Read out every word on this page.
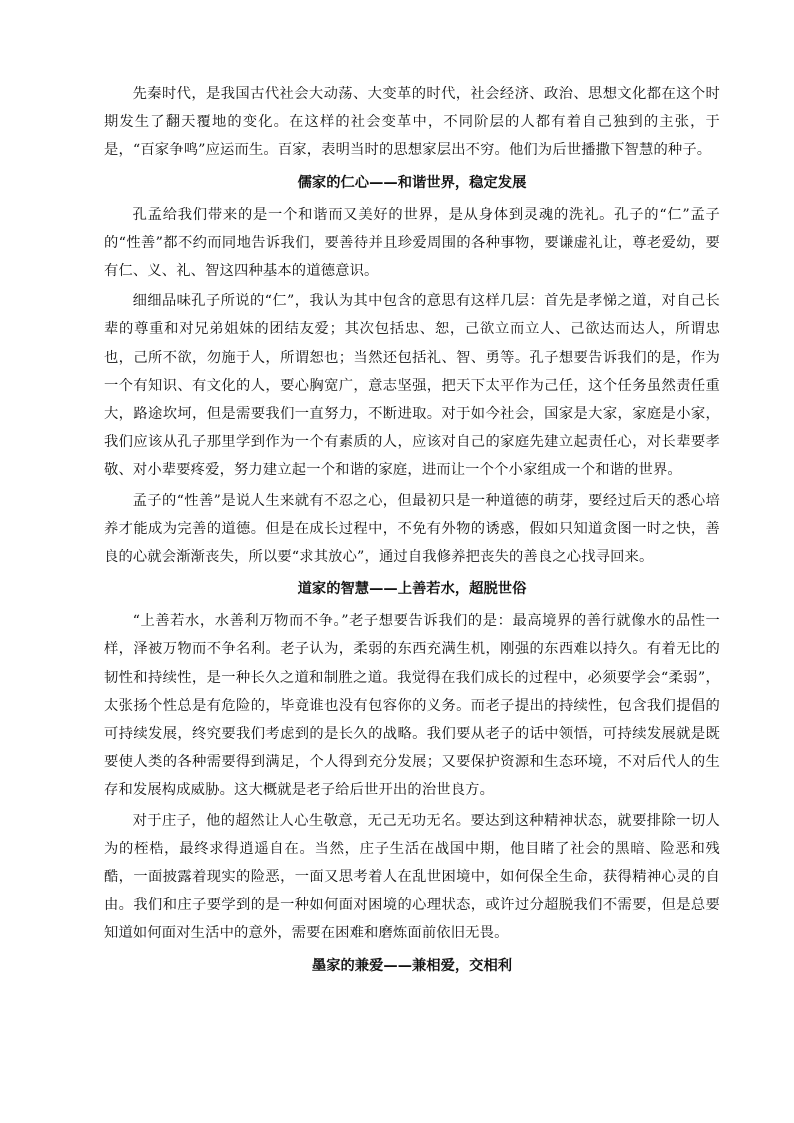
先秦时代，是我国古代社会大动荡、大变革的时代，社会经济、政治、思想文化都在这个时期发生了翻天覆地的变化。在这样的社会变革中，不同阶层的人都有着自己独到的主张，于是，“百家争鸣”应运而生。百家，表明当时的思想家层出不穷。他们为后世播撒下智慧的种子。

儒家的仁心——和谐世界，稳定发展

孔孟给我们带来的是一个和谐而又美好的世界，是从身体到灵魂的洗礼。孔子的“仁”孟子的“性善”都不约而同地告诉我们，要善待并且珍爱周围的各种事物，要谦虚礼让，尊老爱幼，要有仁、义、礼、智这四种基本的道德意识。

细细品味孔子所说的“仁”，我认为其中包含的意思有这样几层：首先是孝悌之道，对自己长辈的尊重和对兄弟姐妹的团结友爱；其次包括忠、恕，己欲立而立人、己欲达而达人，所谓忠也，己所不欲，勿施于人，所谓恕也；当然还包括礼、智、勇等。孔子想要告诉我们的是，作为一个有知识、有文化的人，要心胸宽广，意志坚强，把天下太平作为己任，这个任务虽然责任重大，路途坎坷，但是需要我们一直努力，不断进取。对于如今社会，国家是大家，家庭是小家，我们应该从孔子那里学到作为一个有素质的人，应该对自己的家庭先建立起责任心，对长辈要孝敬、对小辈要疼爱，努力建立起一个和谐的家庭，进而让一个个小家组成一个和谐的世界。

孟子的“性善”是说人生来就有不忍之心，但最初只是一种道德的萌芽，要经过后天的悉心培养才能成为完善的道德。但是在成长过程中，不免有外物的诱惑，假如只知道贪图一时之快，善良的心就会渐渐丧失，所以要“求其放心”，通过自我修养把丧失的善良之心找寻回来。

道家的智慧——上善若水，超脱世俗

“上善若水，水善利万物而不争。”老子想要告诉我们的是：最高境界的善行就像水的品性一样，泽被万物而不争名利。老子认为，柔弱的东西充满生机，刚强的东西难以持久。有着无比的韧性和持续性，是一种长久之道和制胜之道。我觉得在我们成长的过程中，必须要学会“柔弱”，太张扬个性总是有危险的，毕竟谁也没有包容你的义务。而老子提出的持续性，包含我们提倡的可持续发展，终究要我们考虑到的是长久的战略。我们要从老子的话中领悟，可持续发展就是既要使人类的各种需要得到满足，个人得到充分发展；又要保护资源和生态环境，不对后代人的生存和发展构成威胁。这大概就是老子给后世开出的治世良方。

对于庄子，他的超然让人心生敬意，无己无功无名。要达到这种精神状态，就要排除一切人为的桎梏，最终求得逍遥自在。当然，庄子生活在战国中期，他目睹了社会的黑暗、险恶和残酷，一面披露着现实的险恶，一面又思考着人在乱世困境中，如何保全生命，获得精神心灵的自由。我们和庄子要学到的是一种如何面对困境的心理状态，或许过分超脱我们不需要，但是总要知道如何面对生活中的意外，需要在困难和磨炼面前依旧无畏。

墨家的兼爱——兼相爱，交相利
